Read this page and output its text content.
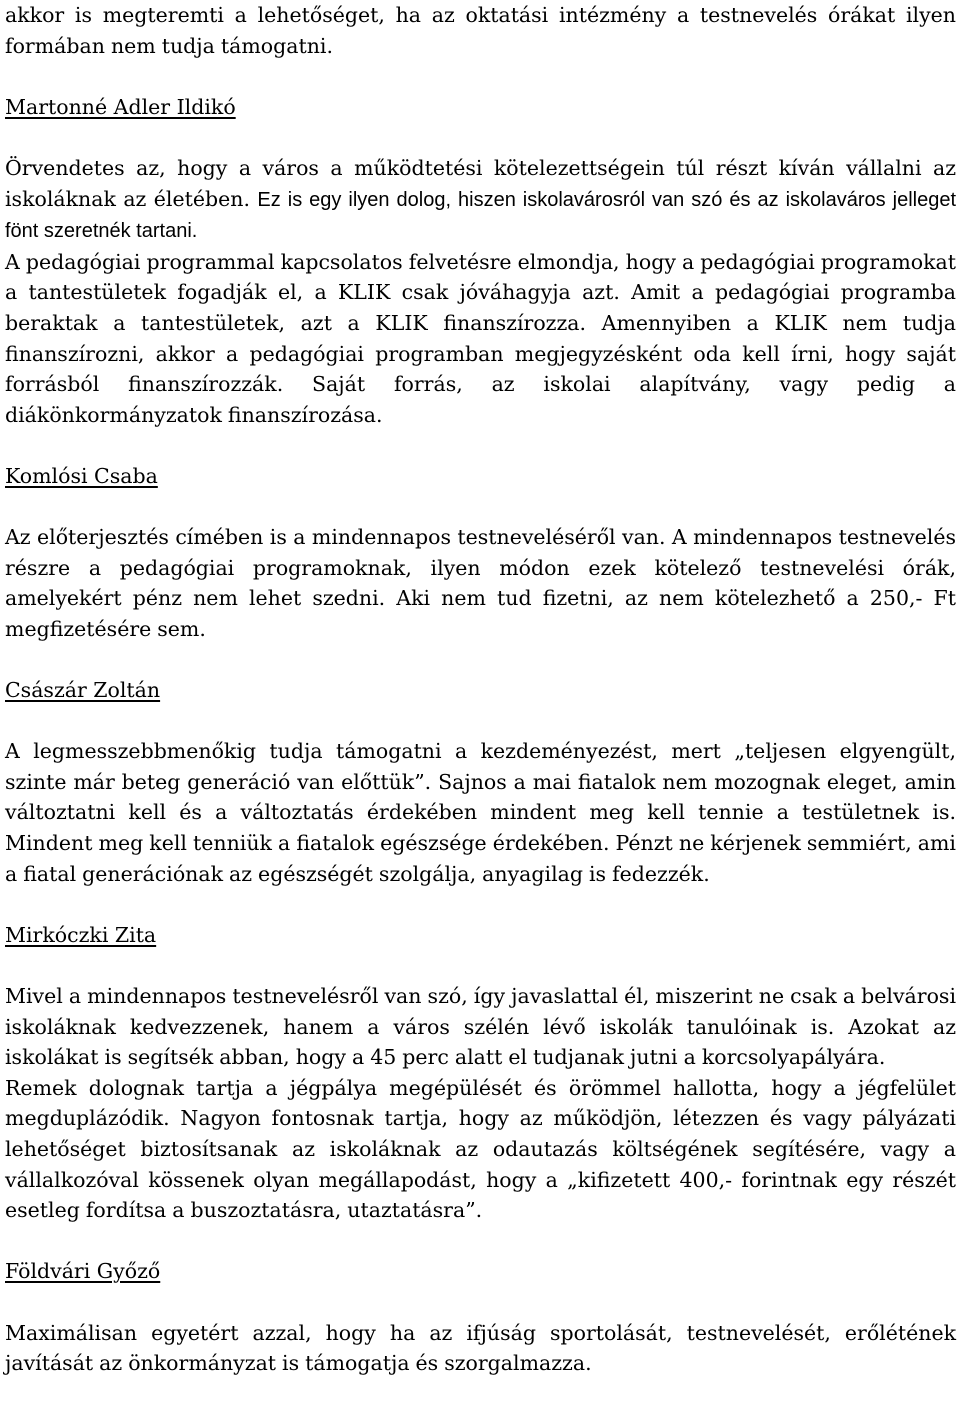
akkor is megteremti a lehetőséget, ha az oktatási intézmény a testnevelés órákat ilyen formában nem tudja támogatni.

Martonné Adler Ildikó

Örvendetes az, hogy a város a működtetési kötelezettségein túl részt kíván vállalni az iskoláknak az életében. Ez is egy ilyen dolog, hiszen iskolavárosról van szó és az iskolaváros jelleget fönt szeretnék tartani.

A pedagógiai programmal kapcsolatos felvetésre elmondja, hogy a pedagógiai programokat a tantestületek fogadják el, a KLIK csak jóváhagyja azt. Amit a pedagógiai programba beraktak a tantestületek, azt a KLIK finanszírozza. Amennyiben a KLIK nem tudja finanszírozni, akkor a pedagógiai programban megjegyzésként oda kell írni, hogy saját forrásból finanszírozzák. Saját forrás, az iskolai alapítvány, vagy pedig a diákönkormányzatok finanszírozása.

Komlósi Csaba

Az előterjesztés címében is a mindennapos testneveléséről van. A mindennapos testnevelés részre a pedagógiai programoknak, ilyen módon ezek kötelező testnevelési órák, amelyekért pénz nem lehet szedni. Aki nem tud fizetni, az nem kötelezhető a 250,- Ft megfizetésére sem.

Császár Zoltán

A legmesszebbmenőkig tudja támogatni a kezdeményezést, mert „teljesen elgyengült, szinte már beteg generáció van előttük”. Sajnos a mai fiatalok nem mozognak eleget, amin változtatni kell és a változtatás érdekében mindent meg kell tennie a testületnek is. Mindent meg kell tenniük a fiatalok egészsége érdekében. Pénzt ne kérjenek semmiért, ami a fiatal generációnak az egészségét szolgálja, anyagilag is fedezzék.

Mirkóczki Zita

Mivel a mindennapos testnevelésről van szó, így javaslattal él, miszerint ne csak a belvárosi iskoláknak kedvezzenek, hanem a város szélén lévő iskolák tanulóinak is. Azokat az iskolákat is segítsék abban, hogy a 45 perc alatt el tudjanak jutni a korcsolyapályára.

Remek dolognak tartja a jégpálya megépülését és örömmel hallotta, hogy a jégfelület megduplázódik. Nagyon fontosnak tartja, hogy az működjön, létezzen és vagy pályázati lehetőséget biztosítsanak az iskoláknak az odautazás költségének segítésére, vagy a vállalkozóval kössenek olyan megállapodást, hogy a „kifizetett 400,- forintnak egy részét esetleg fordítsa a buszoztatásra, utaztatásra”.

Földvári Győző

Maximálisan egyetért azzal, hogy ha az ifjúság sportolását, testnevelését, erőlétének javítását az önkormányzat is támogatja és szorgalmazza.
